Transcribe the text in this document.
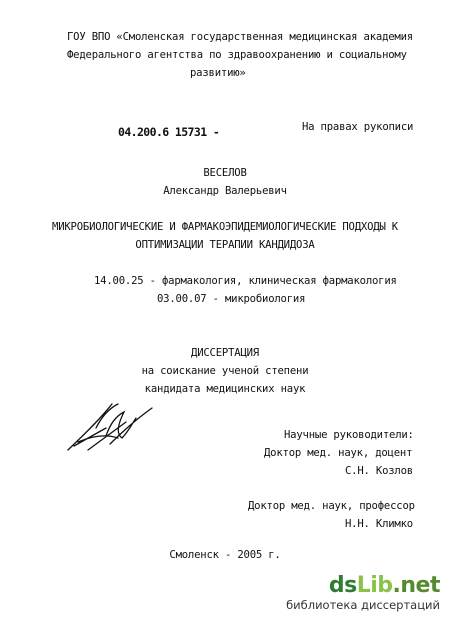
ГОУ ВПО «Смоленская государственная медицинская академия
Федерального агентства по здравоохранению и социальному
развитию»
04.200.6 15731 -	На правах рукописи
ВЕСЕЛОВ
Александр Валерьевич
МИКРОБИОЛОГИЧЕСКИЕ И ФАРМАКОЭПИДЕМИОЛОГИЧЕСКИЕ ПОДХОДЫ К
ОПТИМИЗАЦИИ ТЕРАПИИ КАНДИДОЗА
14.00.25 - фармакология, клиническая фармакология
03.00.07 - микробиология
ДИССЕРТАЦИЯ
на соискание ученой степени
кандидата медицинских наук
Научные руководители:
Доктор мед. наук, доцент
С.Н. Козлов
Доктор мед. наук, профессор
Н.Н. Климко
Смоленск - 2005 г.
dsLib.net
библиотека диссертаций
